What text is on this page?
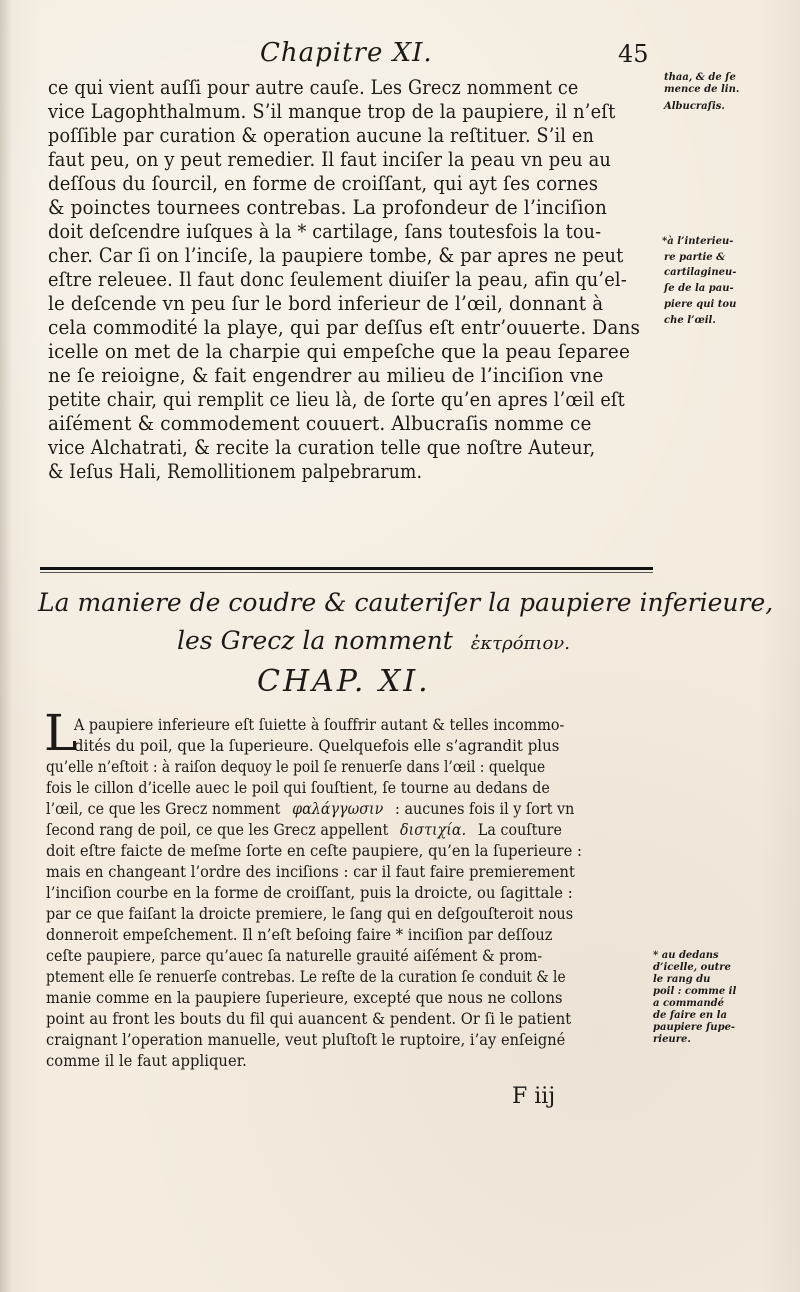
Chapitre XI.	45
ce qui vient auſſi pour autre cauſe. Les Grecz nomment ce
vice Lagophthalmum. S’il manque trop de la paupiere, il n’eſt
poſſible par curation & operation aucune la reſtituer. S’il en
faut peu, on y peut remedier. Il faut inciſer la peau vn peu au
deſſous du ſourcil, en forme de croiſſant, qui ayt ſes cornes
& poinctes tournees contrebas. La profondeur de l’inciſion
doit deſcendre iuſques à la * cartilage, ſans toutesfois la tou-
cher. Car ſi on l’inciſe, la paupiere tombe, & par apres ne peut
eſtre releuee. Il faut donc ſeulement diuiſer la peau, afin qu’el-
le deſcende vn peu ſur le bord inferieur de l’œil, donnant à
cela commodité la playe, qui par deſſus eſt entr’ouuerte. Dans
icelle on met de la charpie qui empeſche que la peau ſeparee
ne ſe reioigne, & fait engendrer au milieu de l’inciſion vne
petite chair, qui remplit ce lieu là, de ſorte qu’en apres l’œil eſt
aiſément & commodement couuert. Albucraſis nomme ce
vice Alchatrati, & recite la curation telle que noſtre Auteur,
& Ieſus Hali, Remollitionem palpebrarum.
thaa, & de ſe
mence de lin.
Albucraſis.
*à l’interieu-
re partie &
cartilagineu-
ſe de la pau-
piere qui tou
che l’œil.
La maniere de coudre & cauteriſer la paupiere inferieure,
les Grecz la nomment ἐκτρόπιον.
CHAP. XI.
L
A paupiere inferieure eſt ſuiette à ſouffrir autant & telles incommo-
dités du poil, que la ſuperieure. Quelquefois elle s’agrandit plus
qu’elle n’eſtoit : à raiſon dequoy le poil ſe renuerſe dans l’œil : quelque
fois le cillon d’icelle auec le poil qui ſouſtient, ſe tourne au dedans de
l’œil, ce que les Grecz nomment φαλάγγωσιν : aucunes fois il y ſort vn
ſecond rang de poil, ce que les Grecz appellent διστιχία. La couſture
doit eſtre faicte de meſme ſorte en ceſte paupiere, qu’en la ſuperieure :
mais en changeant l’ordre des inciſions : car il faut faire premierement
l’inciſion courbe en la forme de croiſſant, puis la droicte, ou ſagittale :
par ce que faiſant la droicte premiere, le ſang qui en deſgouſteroit nous
donneroit empeſchement. Il n’eſt beſoing faire * inciſion par deſſouz
ceſte paupiere, parce qu’auec ſa naturelle grauité aiſément & prom-
ptement elle ſe renuerſe contrebas. Le reſte de la curation ſe conduit & le
manie comme en la paupiere ſuperieure, excepté que nous ne collons
point au front les bouts du fil qui auancent & pendent. Or ſi le patient
craignant l’operation manuelle, veut pluſtoſt le ruptoire, i’ay enſeigné
comme il le faut appliquer.
* au dedans
d’icelle, outre
le rang du
poil : comme il
a commandé
de faire en la
paupiere ſupe-
rieure.
F iij
